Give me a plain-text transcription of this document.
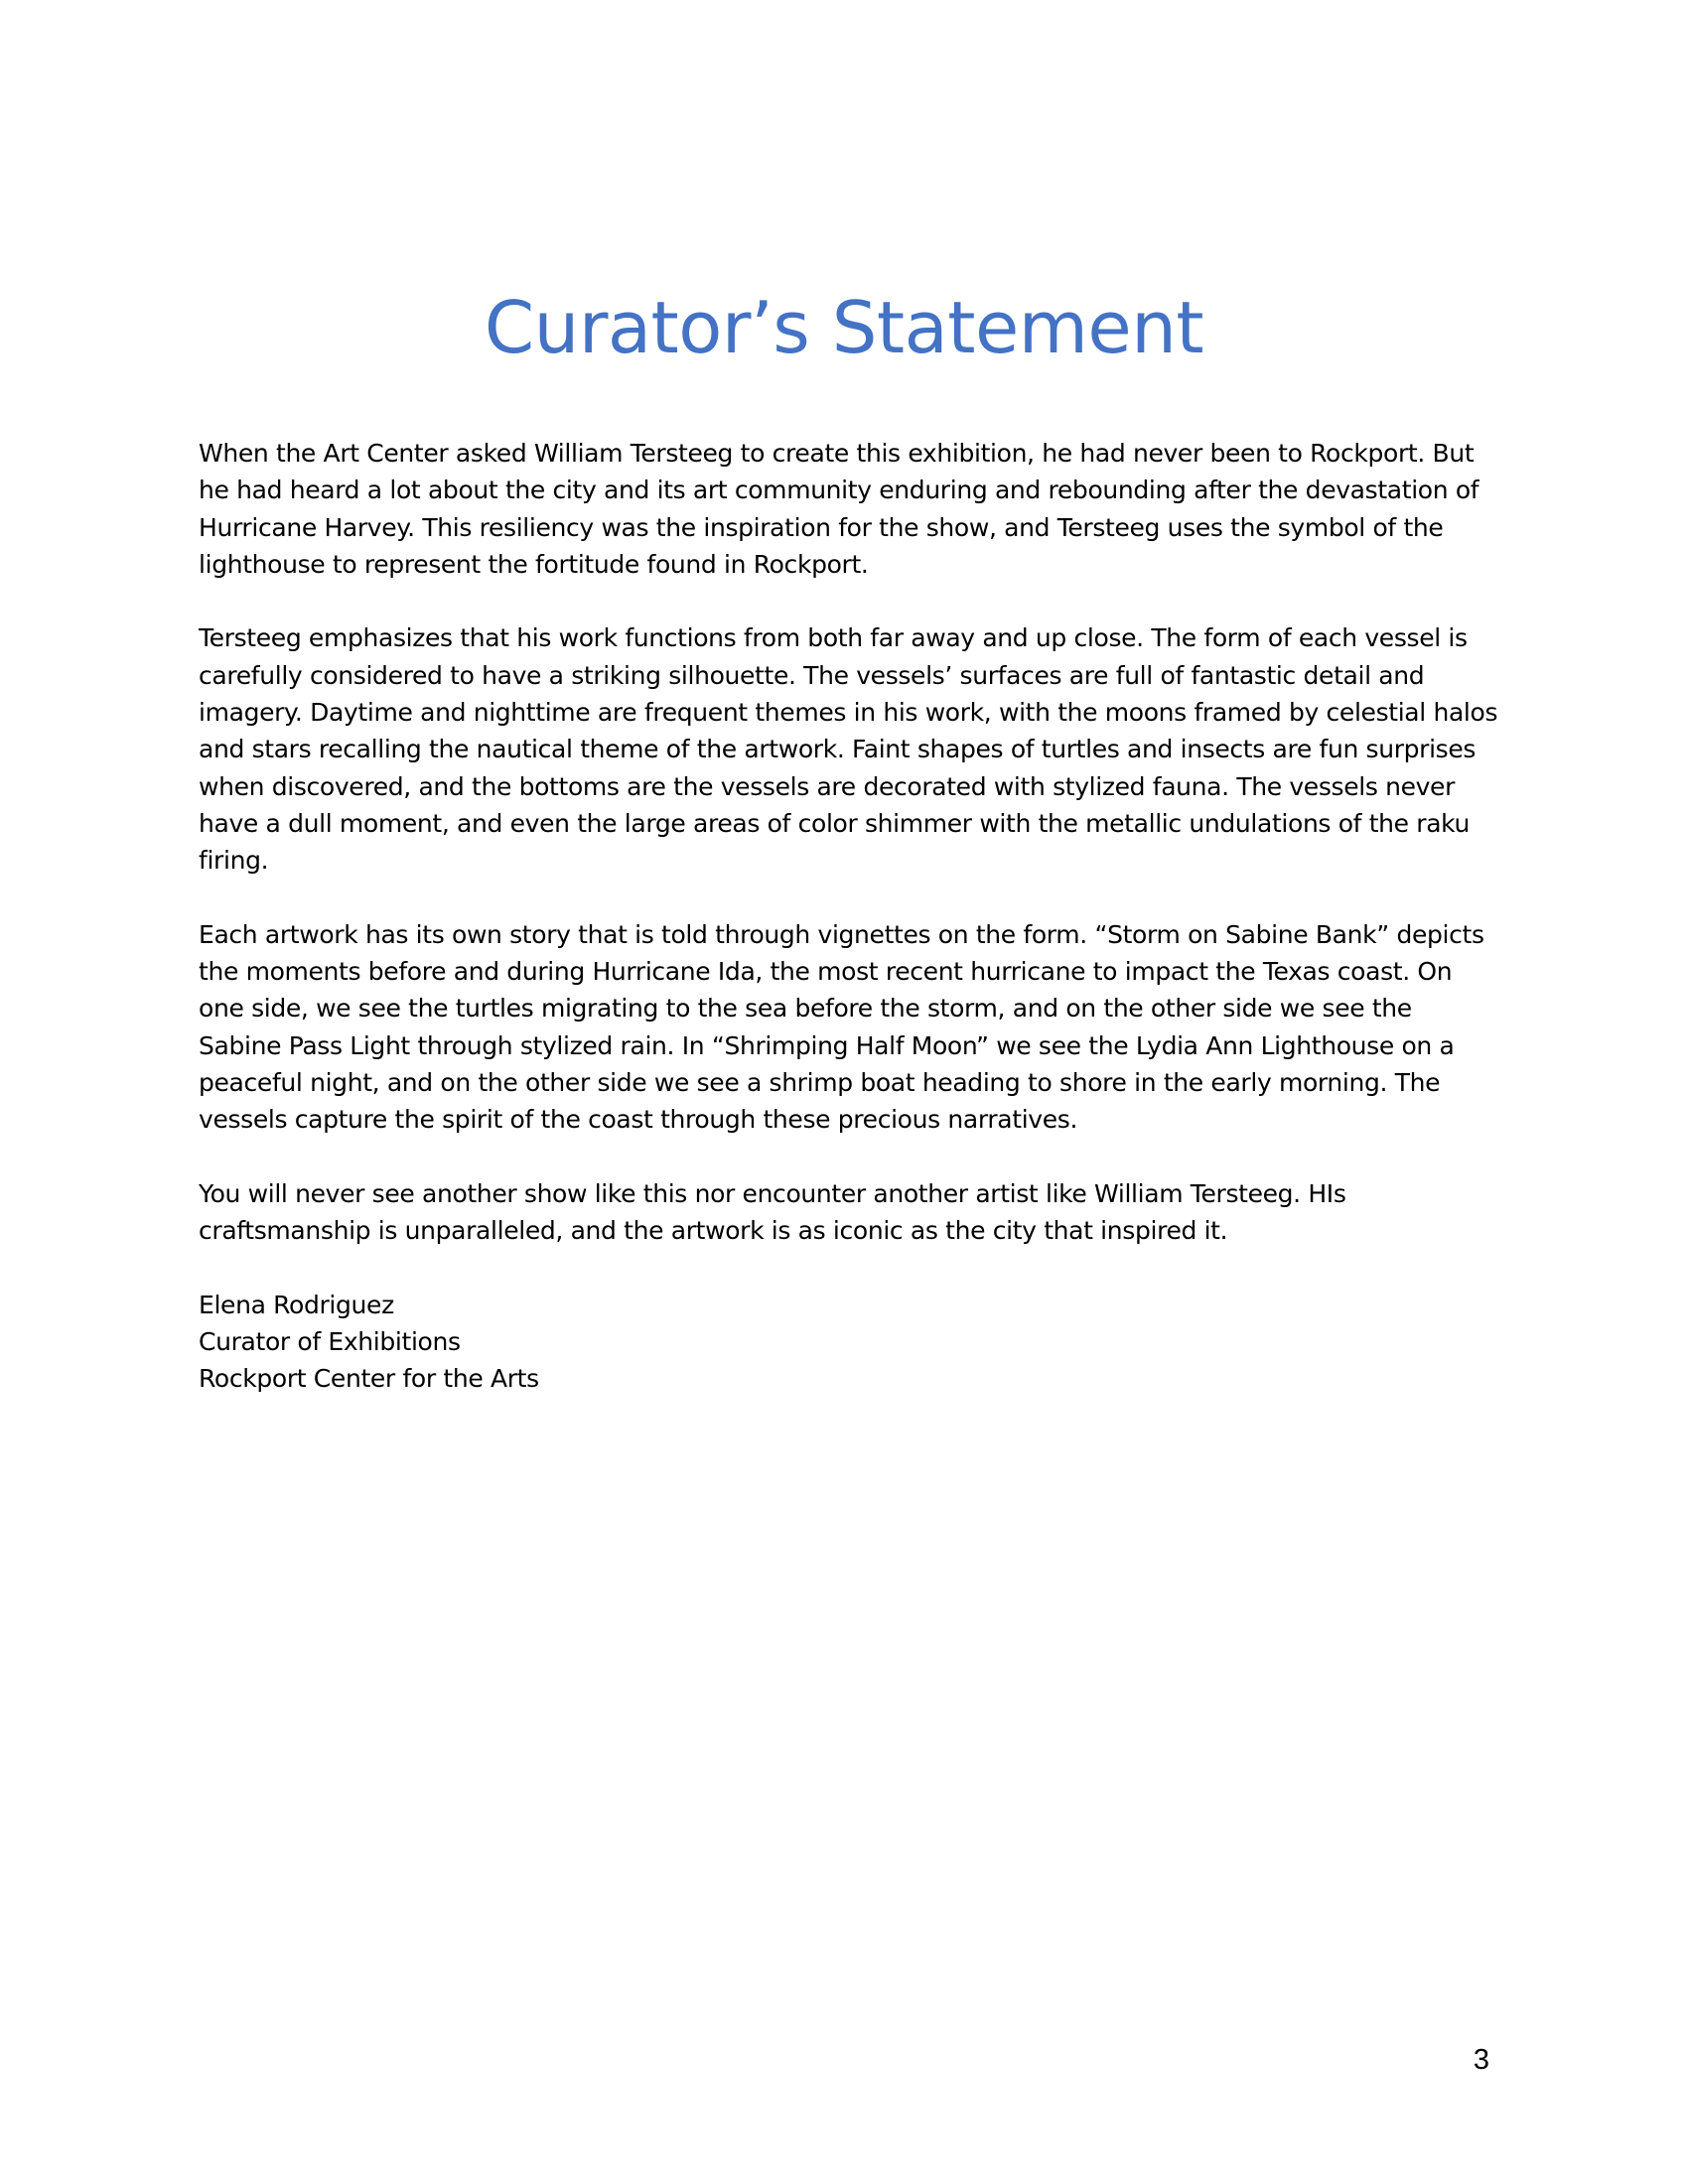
Curator’s Statement

When the Art Center asked William Tersteeg to create this exhibition, he had never been to Rockport. But he had heard a lot about the city and its art community enduring and rebounding after the devastation of Hurricane Harvey. This resiliency was the inspiration for the show, and Tersteeg uses the symbol of the lighthouse to represent the fortitude found in Rockport.

Tersteeg emphasizes that his work functions from both far away and up close. The form of each vessel is carefully considered to have a striking silhouette. The vessels’ surfaces are full of fantastic detail and imagery. Daytime and nighttime are frequent themes in his work, with the moons framed by celestial halos and stars recalling the nautical theme of the artwork. Faint shapes of turtles and insects are fun surprises when discovered, and the bottoms are the vessels are decorated with stylized fauna. The vessels never have a dull moment, and even the large areas of color shimmer with the metallic undulations of the raku firing.

Each artwork has its own story that is told through vignettes on the form. “Storm on Sabine Bank” depicts the moments before and during Hurricane Ida, the most recent hurricane to impact the Texas coast. On one side, we see the turtles migrating to the sea before the storm, and on the other side we see the Sabine Pass Light through stylized rain. In “Shrimping Half Moon” we see the Lydia Ann Lighthouse on a peaceful night, and on the other side we see a shrimp boat heading to shore in the early morning. The vessels capture the spirit of the coast through these precious narratives.

You will never see another show like this nor encounter another artist like William Tersteeg. HIs craftsmanship is unparalleled, and the artwork is as iconic as the city that inspired it.

Elena Rodriguez
Curator of Exhibitions
Rockport Center for the Arts
3
